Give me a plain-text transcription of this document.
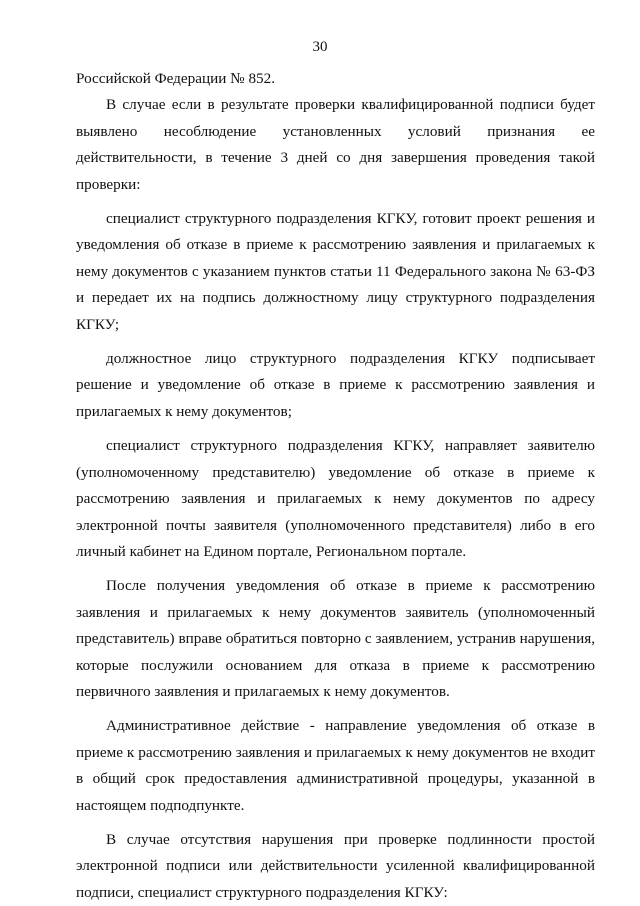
30

Российской Федерации № 852.

В случае если в результате проверки квалифицированной подписи будет выявлено несоблюдение установленных условий признания ее действительности, в течение 3 дней со дня завершения проведения такой проверки:

специалист структурного подразделения КГКУ, готовит проект решения и уведомления об отказе в приеме к рассмотрению заявления и прилагаемых к нему документов с указанием пунктов статьи 11 Федерального закона № 63-ФЗ и передает их на подпись должностному лицу структурного подразделения КГКУ;

должностное лицо структурного подразделения КГКУ подписывает решение и уведомление об отказе в приеме к рассмотрению заявления и прилагаемых к нему документов;

специалист структурного подразделения КГКУ, направляет заявителю (уполномоченному представителю) уведомление об отказе в приеме к рассмотрению заявления и прилагаемых к нему документов по адресу электронной почты заявителя (уполномоченного представителя) либо в его личный кабинет на Едином портале, Региональном портале.

После получения уведомления об отказе в приеме к рассмотрению заявления и прилагаемых к нему документов заявитель (уполномоченный представитель) вправе обратиться повторно с заявлением, устранив нарушения, которые послужили основанием для отказа в приеме к рассмотрению первичного заявления и прилагаемых к нему документов.

Административное действие - направление уведомления об отказе в приеме к рассмотрению заявления и прилагаемых к нему документов не входит в общий срок предоставления административной процедуры, указанной в настоящем подподпункте.

В случае отсутствия нарушения при проверке подлинности простой электронной подписи или действительности усиленной квалифицированной подписи, специалист структурного подразделения КГКУ:
